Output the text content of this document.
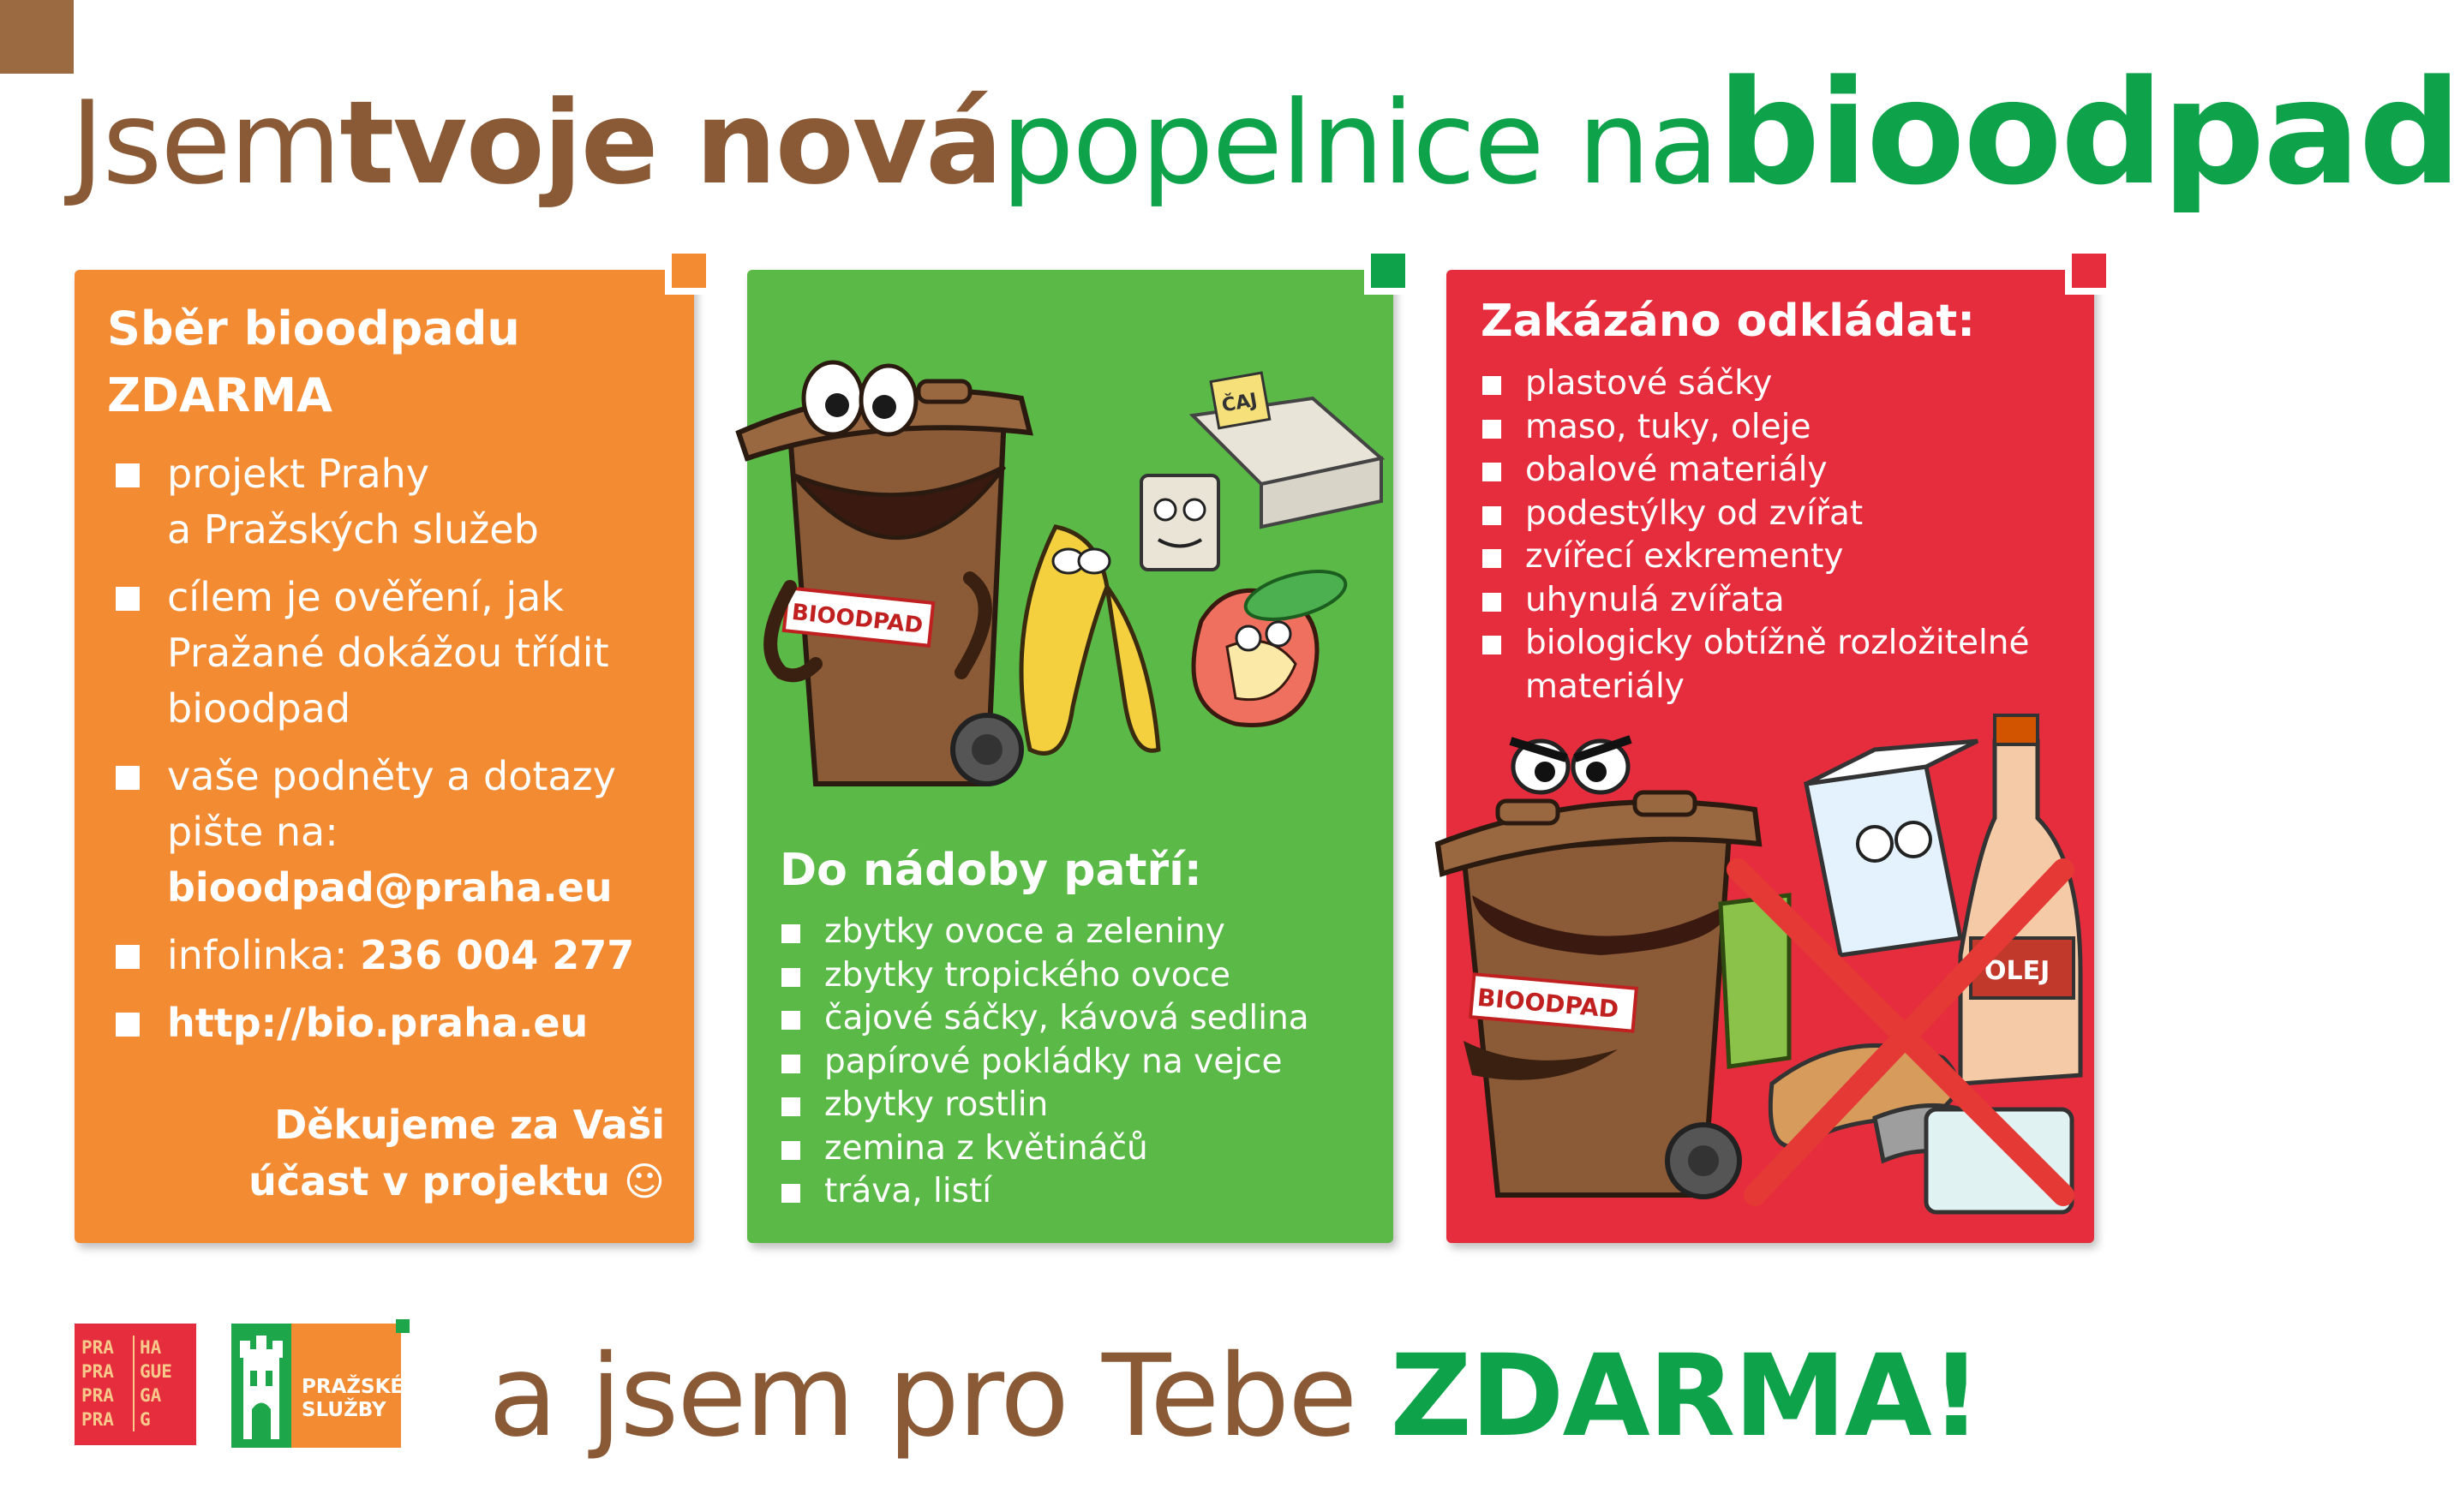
Jsemtvoje novápopelnice nabioodpad
Sběr bioodpadu
ZDARMA
projekt Prahy
a Pražských služeb
cílem je ověření, jak
Pražané dokážou třídit
bioodpad
vaše podněty a dotazy
pište na:
bioodpad@praha.eu
infolinka: 236 004 277
http://bio.praha.eu
Děkujeme za Vaši
účast v projektu ☺
BIOODPAD
ČAJ
Do nádoby patří:
zbytky ovoce a zeleniny
zbytky tropického ovoce
čajové sáčky, kávová sedlina
papírové pokládky na vejce
zbytky rostlin
zemina z květináčů
tráva, listí
Zakázáno odkládat:
plastové sáčky
maso, tuky, oleje
obalové materiály
podestýlky od zvířat
zvířecí exkrementy
uhynulá zvířata
biologicky obtížně rozložitelné materiály
BIOODPAD
OLEJ
PRA	HA
PRA	GUE
PRA	GA
PRA	G
PRAŽSKÉ
SLUŽBY a jsem pro Tebe ZDARMA!
